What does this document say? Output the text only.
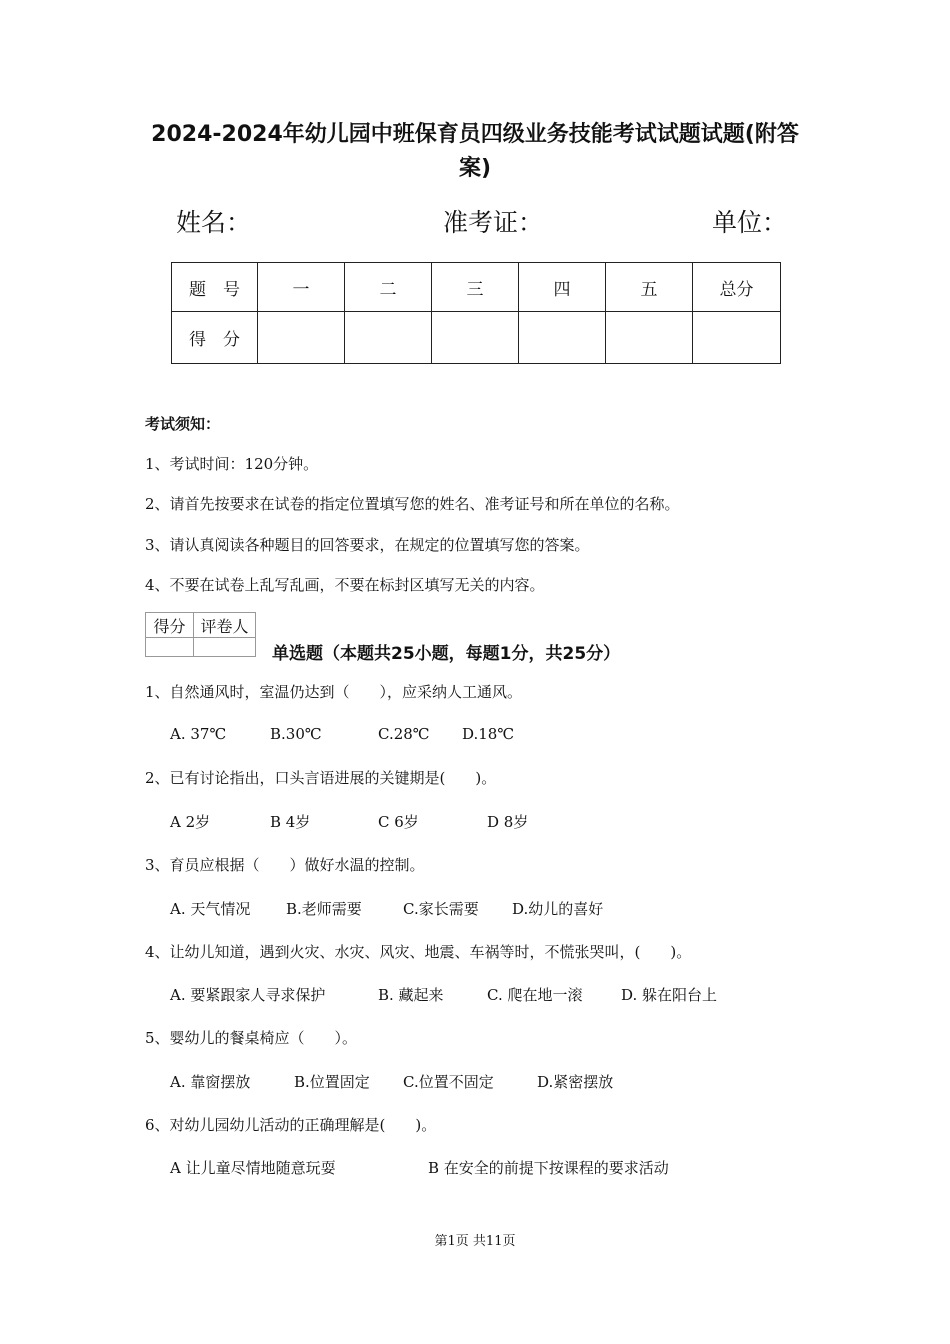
2024-2024年幼儿园中班保育员四级业务技能考试试题试题(附答
案)
姓名：	准考证：	单位：
题　号	一	二	三	四	五	总分
得　分						
考试须知：
1、考试时间：120分钟。
2、请首先按要求在试卷的指定位置填写您的姓名、准考证号和所在单位的名称。
3、请认真阅读各种题目的回答要求，在规定的位置填写您的答案。
4、不要在试卷上乱写乱画，不要在标封区填写无关的内容。
得分	评卷人

单选题（本题共25小题，每题1分，共25分）
1、自然通风时，室温仍达到（　　），应采纳人工通风。
A. 37℃	B.30℃	C.28℃ D.18℃
2、已有讨论指出，口头言语进展的关键期是(　　)。
A 2岁	B 4岁	C 6岁	D 8岁
3、育员应根据（　　）做好水温的控制。
A. 天气情况 B.老师需要	C.家长需要 D.幼儿的喜好
4、让幼儿知道，遇到火灾、水灾、风灾、地震、车祸等时，不慌张哭叫，(　　)。
A. 要紧跟家人寻求保护	B. 藏起来	C. 爬在地一滚	D. 躲在阳台上
5、婴幼儿的餐桌椅应（　　）。
A. 靠窗摆放	B.位置固定 C.位置不固定	D.紧密摆放
6、对幼儿园幼儿活动的正确理解是(　　)。
A 让儿童尽情地随意玩耍	B 在安全的前提下按课程的要求活动
第1页 共11页
